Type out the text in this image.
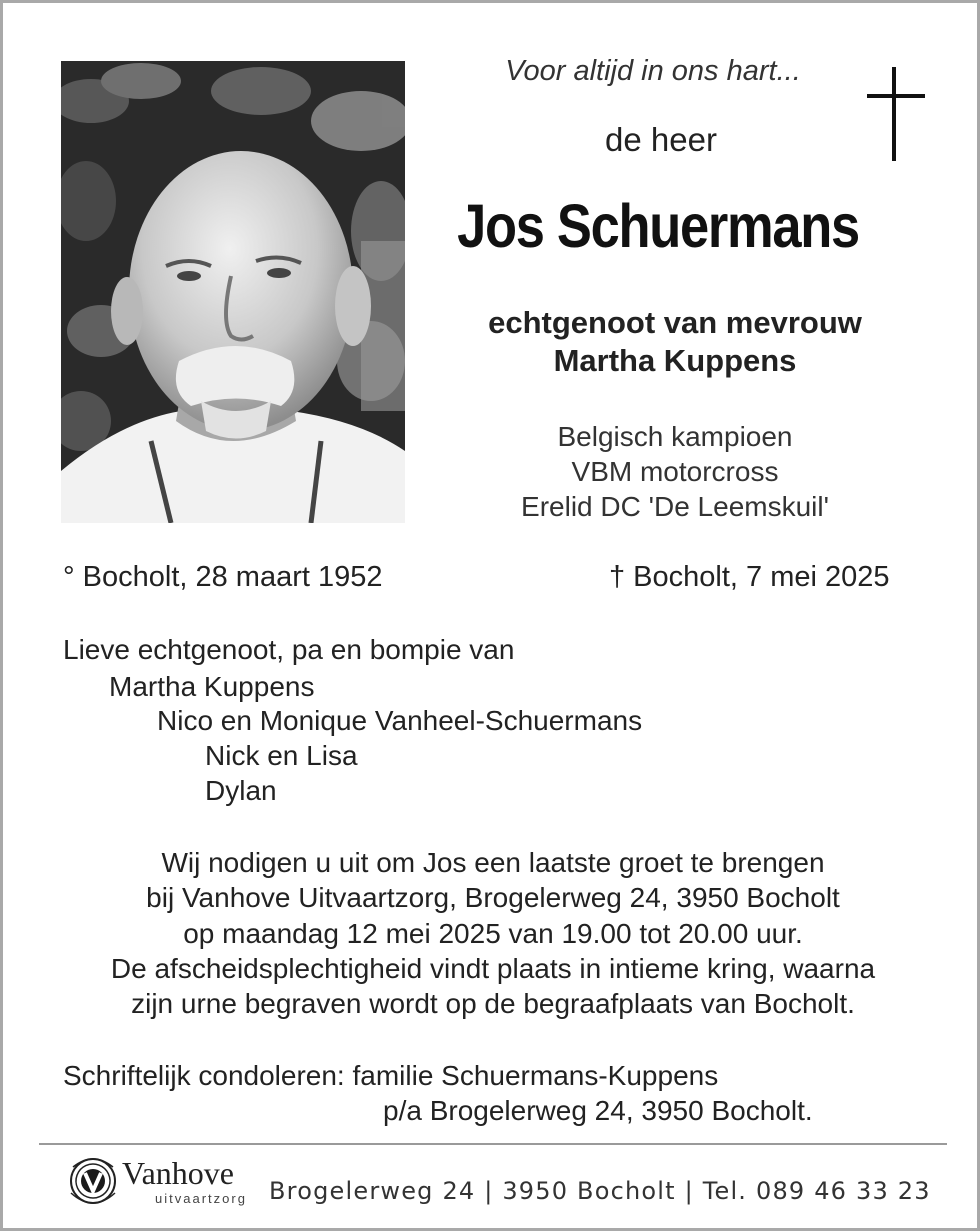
Voor altijd in ons hart...
de heer
Jos Schuermans
echtgenoot van mevrouw
Martha Kuppens
Belgisch kampioen
VBM motorcross
Erelid DC 'De Leemskuil'
° Bocholt, 28 maart 1952	† Bocholt, 7 mei 2025
Lieve echtgenoot, pa en bompie van
Martha Kuppens
Nico en Monique Vanheel-Schuermans
Nick en Lisa
Dylan
Wij nodigen u uit om Jos een laatste groet te brengen
bij Vanhove Uitvaartzorg, Brogelerweg 24, 3950 Bocholt
op maandag 12 mei 2025 van 19.00 tot 20.00 uur.
De afscheidsplechtigheid vindt plaats in intieme kring, waarna
zijn urne begraven wordt op de begraafplaats van Bocholt.
Schriftelijk condoleren: familie Schuermans-Kuppens
p/a Brogelerweg 24, 3950 Bocholt.
Vanhove
uitvaartzorg Brogelerweg 24 | 3950 Bocholt | Tel. 089 46 33 23
